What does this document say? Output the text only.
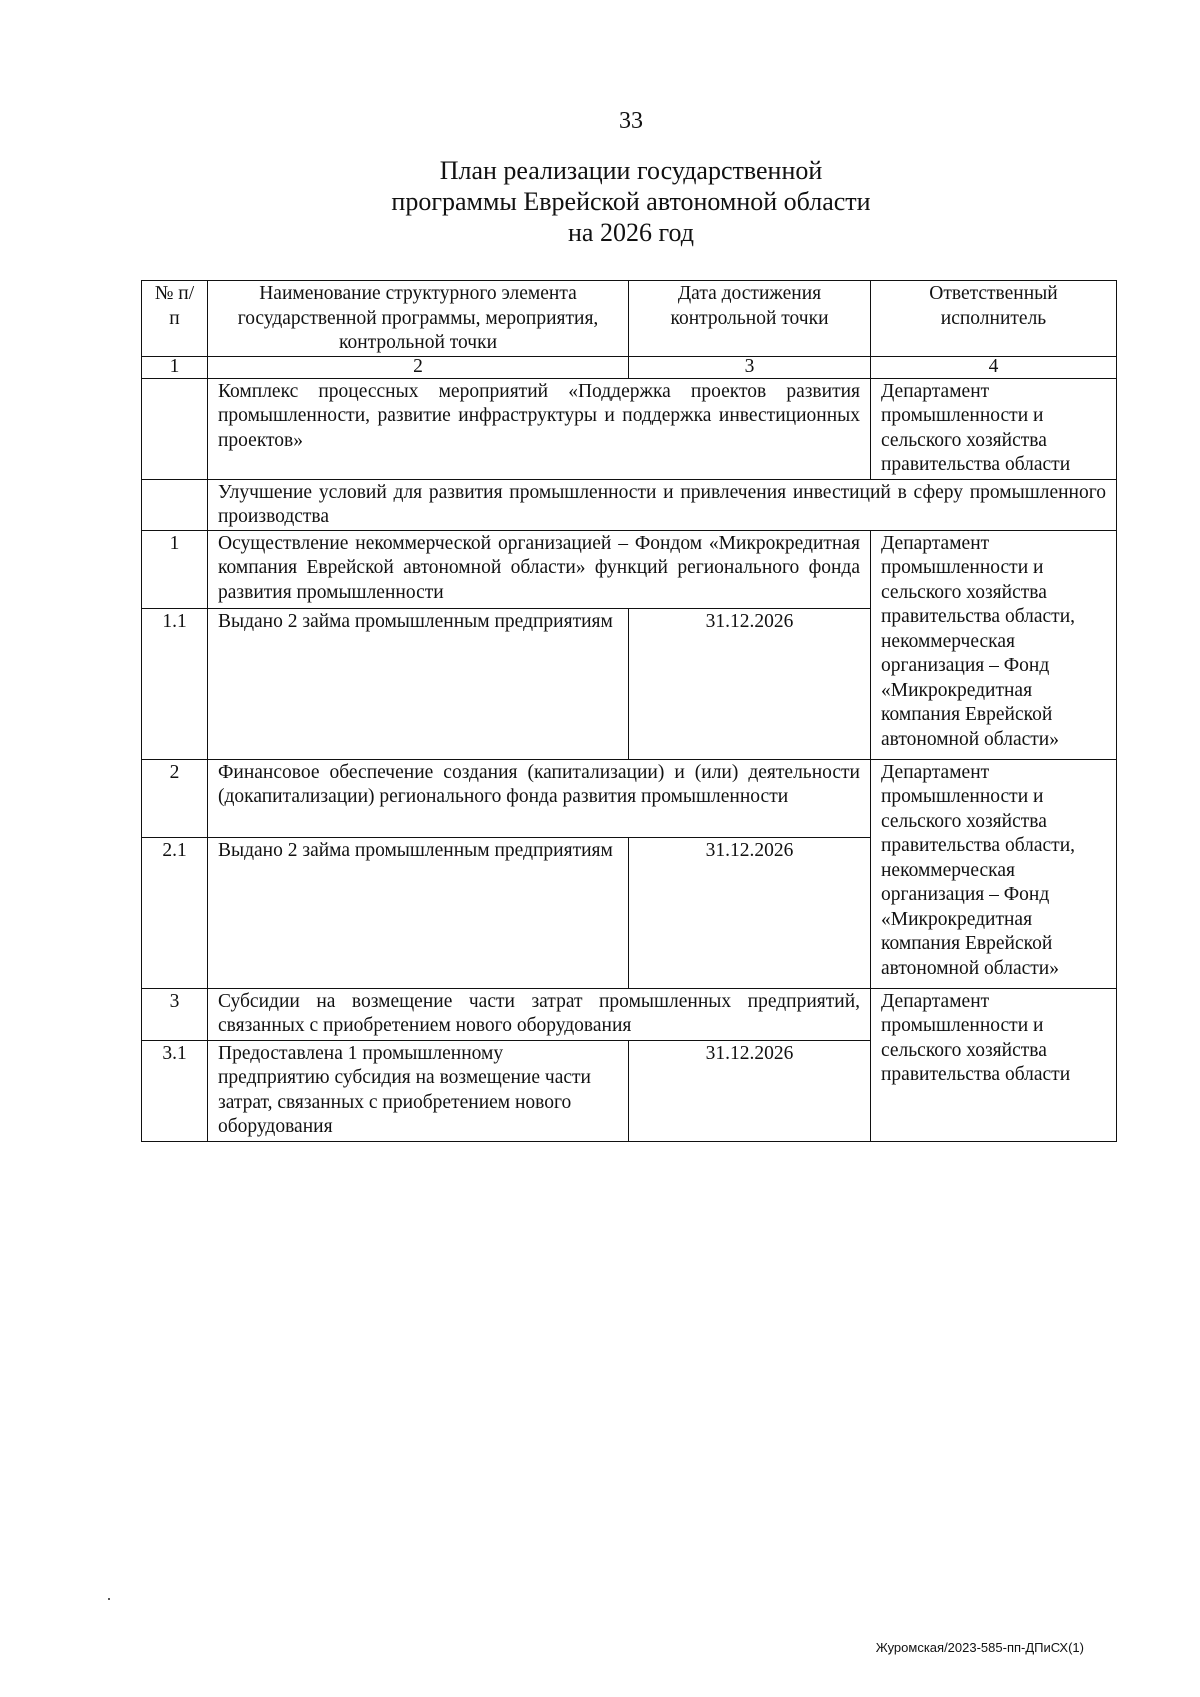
33
План реализации государственной
программы Еврейской автономной области
на 2026 год
№ п/п	Наименование структурного элемента государственной программы, мероприятия, контрольной точки	Дата достижения контрольной точки	Ответственный исполнитель
1	2	3	4
	Комплекс процессных мероприятий «Поддержка проектов развития промышленности, развитие инфраструктуры и поддержка инвестиционных проектов»		Департамент промышленности и сельского хозяйства правительства области
	Улучшение условий для развития промышленности и привлечения инвестиций в сферу промышленного производства		
1	Осуществление некоммерческой организацией – Фондом «Микрокредитная компания Еврейской автономной области» функций регионального фонда развития промышленности		Департамент промышленности и сельского хозяйства правительства области, некоммерческая организация – Фонд «Микрокредитная компания Еврейской автономной области»
1.1	Выдано 2 займа промышленным предприятиям	31.12.2026	
2	Финансовое обеспечение создания (капитализации) и (или) деятельности (докапитализации) регионального фонда развития промышленности		Департамент промышленности и сельского хозяйства правительства области, некоммерческая организация – Фонд «Микрокредитная компания Еврейской автономной области»
2.1	Выдано 2 займа промышленным предприятиям	31.12.2026	
3	Субсидии на возмещение части затрат промышленных предприятий, связанных с приобретением нового оборудования		Департамент промышленности и сельского хозяйства правительства области
3.1	Предоставлена 1 промышленному предприятию субсидия на возмещение части затрат, связанных с приобретением нового оборудования	31.12.2026	
Журомская/2023-585-пп-ДПиСХ(1)
